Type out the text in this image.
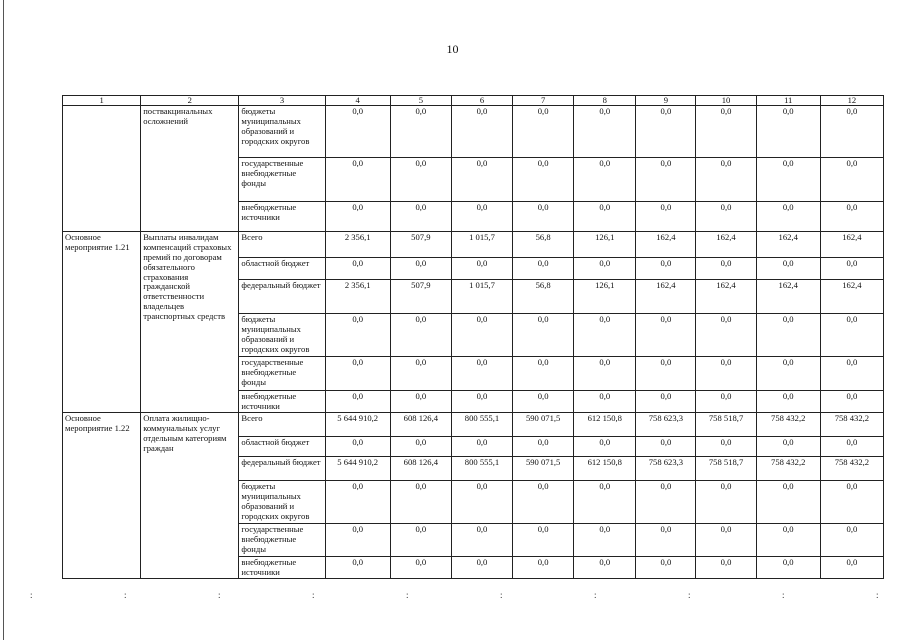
10
1	2	3	4	5	6	7	8	9	10	11	12
	поствакцинальных осложнений	бюджеты муниципальных образований и городских округов	0,0	0,0	0,0	0,0	0,0	0,0	0,0	0,0	0,0
		государственные внебюджетные фонды	0,0	0,0	0,0	0,0	0,0	0,0	0,0	0,0	0,0
		внебюджетные источники	0,0	0,0	0,0	0,0	0,0	0,0	0,0	0,0	0,0
Основное мероприятие 1.21	Выплаты инвалидам компенсаций страховых премий по договорам обязательного страхования гражданской ответственности владельцев транспортных средств	Всего	2 356,1	507,9	1 015,7	56,8	126,1	162,4	162,4	162,4	162,4
		областной бюджет	0,0	0,0	0,0	0,0	0,0	0,0	0,0	0,0	0,0
		федеральный бюджет	2 356,1	507,9	1 015,7	56,8	126,1	162,4	162,4	162,4	162,4
		бюджеты муниципальных образований и городских округов	0,0	0,0	0,0	0,0	0,0	0,0	0,0	0,0	0,0
		государственные внебюджетные фонды	0,0	0,0	0,0	0,0	0,0	0,0	0,0	0,0	0,0
		внебюджетные источники	0,0	0,0	0,0	0,0	0,0	0,0	0,0	0,0	0,0
Основное мероприятие 1.22	Оплата жилищно-коммунальных услуг отдельным категориям граждан	Всего	5 644 910,2	608 126,4	800 555,1	590 071,5	612 150,8	758 623,3	758 518,7	758 432,2	758 432,2
		областной бюджет	0,0	0,0	0,0	0,0	0,0	0,0	0,0	0,0	0,0
		федеральный бюджет	5 644 910,2	608 126,4	800 555,1	590 071,5	612 150,8	758 623,3	758 518,7	758 432,2	758 432,2
		бюджеты муниципальных образований и городских округов	0,0	0,0	0,0	0,0	0,0	0,0	0,0	0,0	0,0
		государственные внебюджетные фонды	0,0	0,0	0,0	0,0	0,0	0,0	0,0	0,0	0,0
		внебюджетные источники	0,0	0,0	0,0	0,0	0,0	0,0	0,0	0,0	0,0
:	:	:	:	:	:	:	:	:	:
